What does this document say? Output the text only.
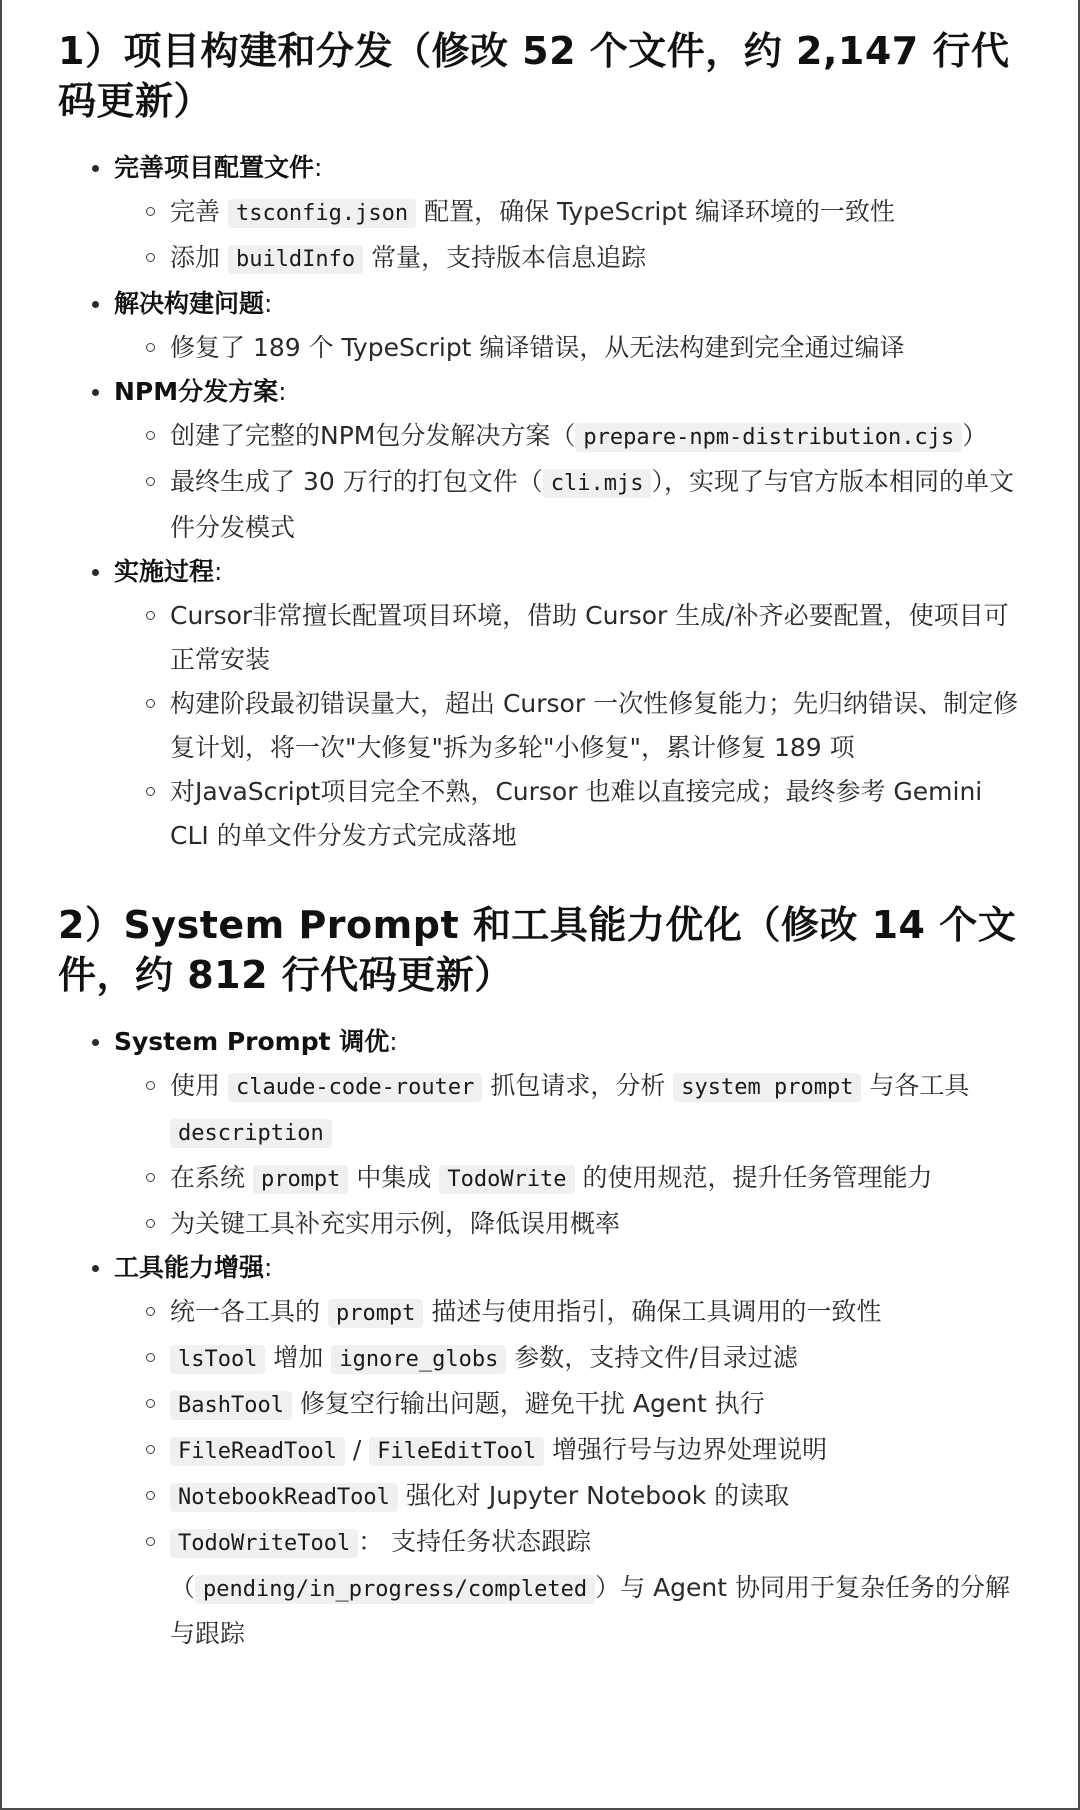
1）项目构建和分发（修改 52 个文件，约 2,147 行代码更新）
完善项目配置文件:
完善 tsconfig.json 配置，确保 TypeScript 编译环境的一致性
添加 buildInfo 常量，支持版本信息追踪
解决构建问题:
修复了 189 个 TypeScript 编译错误，从无法构建到完全通过编译
NPM分发方案:
创建了完整的NPM包分发解决方案（ prepare-npm-distribution.cjs ）
最终生成了 30 万行的打包文件（ cli.mjs ），实现了与官方版本相同的单文件分发模式
实施过程:
Cursor非常擅长配置项目环境，借助 Cursor 生成/补齐必要配置，使项目可正常安装
构建阶段最初错误量大，超出 Cursor 一次性修复能力；先归纳错误、制定修复计划，将一次"大修复"拆为多轮"小修复"，累计修复 189 项
对JavaScript项目完全不熟，Cursor 也难以直接完成；最终参考 Gemini CLI 的单文件分发方式完成落地
2）System Prompt 和工具能力优化（修改 14 个文件，约 812 行代码更新）
System Prompt 调优:
使用 claude-code-router 抓包请求，分析 system prompt 与各工具 description
在系统 prompt 中集成 TodoWrite 的使用规范，提升任务管理能力
为关键工具补充实用示例，降低误用概率
工具能力增强:
统一各工具的 prompt 描述与使用指引，确保工具调用的一致性
lsTool 增加 ignore_globs 参数，支持文件/目录过滤
BashTool 修复空行输出问题，避免干扰 Agent 执行
FileReadTool / FileEditTool 增强行号与边界处理说明
NotebookReadTool 强化对 Jupyter Notebook 的读取
TodoWriteTool ： 支持任务状态跟踪（ pending/in_progress/completed ）与 Agent 协同用于复杂任务的分解与跟踪
